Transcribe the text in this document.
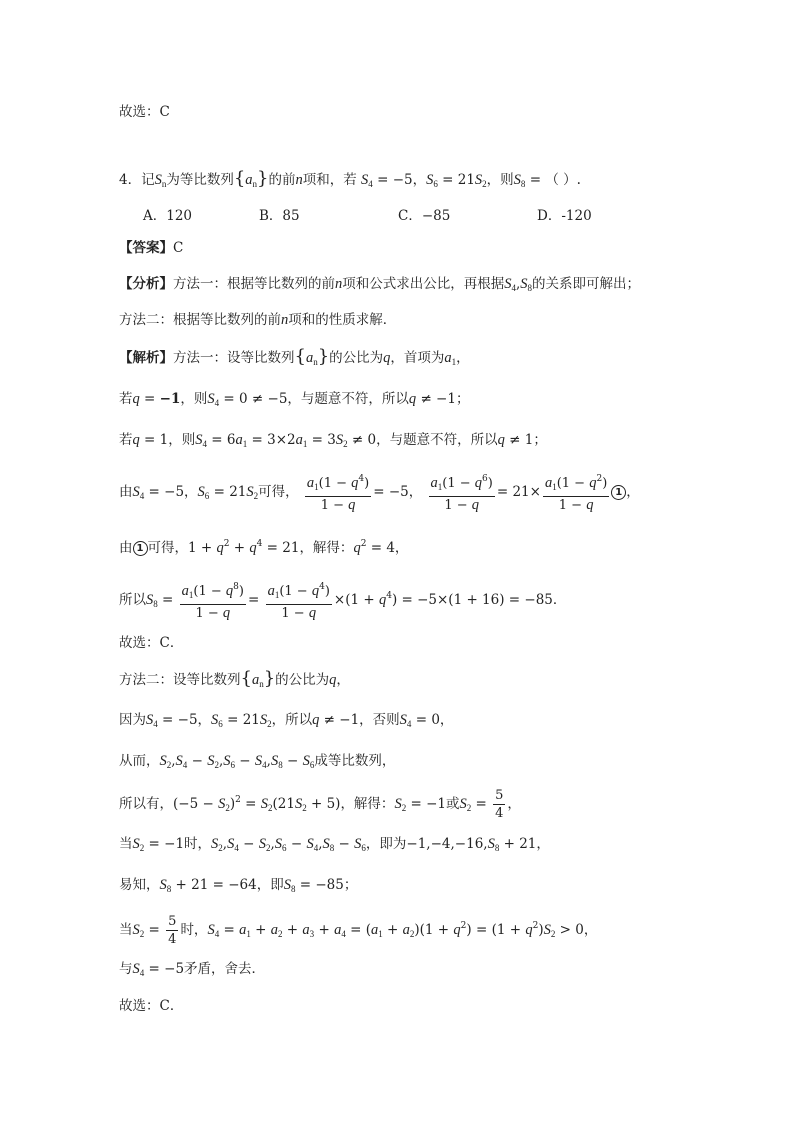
故选：C
4．记$S_n$为等比数列$\{a_n\}$的前n项和，若 $S_4 = -5$，$S_6 = 21S_2$，则$S_8$ = （ ）.
A．120	B．85	C．−85	D．-120
【答案】C
【分析】方法一：根据等比数列的前n项和公式求出公比，再根据$S_4,S_8$的关系即可解出；
方法二：根据等比数列的前n项和的性质求解．
【解析】方法一：设等比数列$\{a_n\}$的公比为q，首项为$a_1$，
若q = −1，则$S_4 = 0 \ne -5$，与题意不符，所以q ≠ −1；
若q = 1，则$S_4 = 6a_1 = 3\times 2a_1 = 3S_2 \ne 0$，与题意不符，所以q ≠ 1；
由$S_4 = -5$，$S_6 = 21S_2$可得， $\frac{a_1(1 - q^4)}{1 - q} = -5$， $\frac{a_1(1 - q^6)}{1 - q} = 21\times \frac{a_1(1 - q^2)}{1 - q} 1$ ，
由 1 可得，$1 + q^2 + q^4 = 21$，解得：$q^2 = 4$，
所以$S_8 = \frac{a_1(1 - q^8)}{1 - q} = \frac{a_1(1 - q^4)}{1 - q} \times(1 + q^4) = -5\times(1 + 16) = -85$．
故选：C．
方法二：设等比数列$\{a_n\}$的公比为q，
因为$S_4 = -5$，$S_6 = 21S_2$，所以q ≠ −1，否则$S_4 = 0$，
从而，$S_2,S_4 - S_2,S_6 - S_4,S_8 - S_6$成等比数列，
所以有，$(-5 - S_2)^2 = S_2(21S_2 + 5)$，解得：$S_2 = -1$或$S_2 = \frac{5}{4}$ ，
当$S_2 = -1$时，$S_2,S_4 - S_2,S_6 - S_4,S_8 - S_6$，即为$-1,-4,-16,S_8 + 21$，
易知，$S_8 + 21 = -64$，即$S_8 = -85$；
当$S_2 = \frac{5}{4}$ 时，$S_4 = a_1 + a_2 + a_3 + a_4 = (a_1 + a_2)(1 + q^2) = (1 + q^2)S_2 > 0$，
与$S_4 = -5$矛盾，舍去．
故选：C．
